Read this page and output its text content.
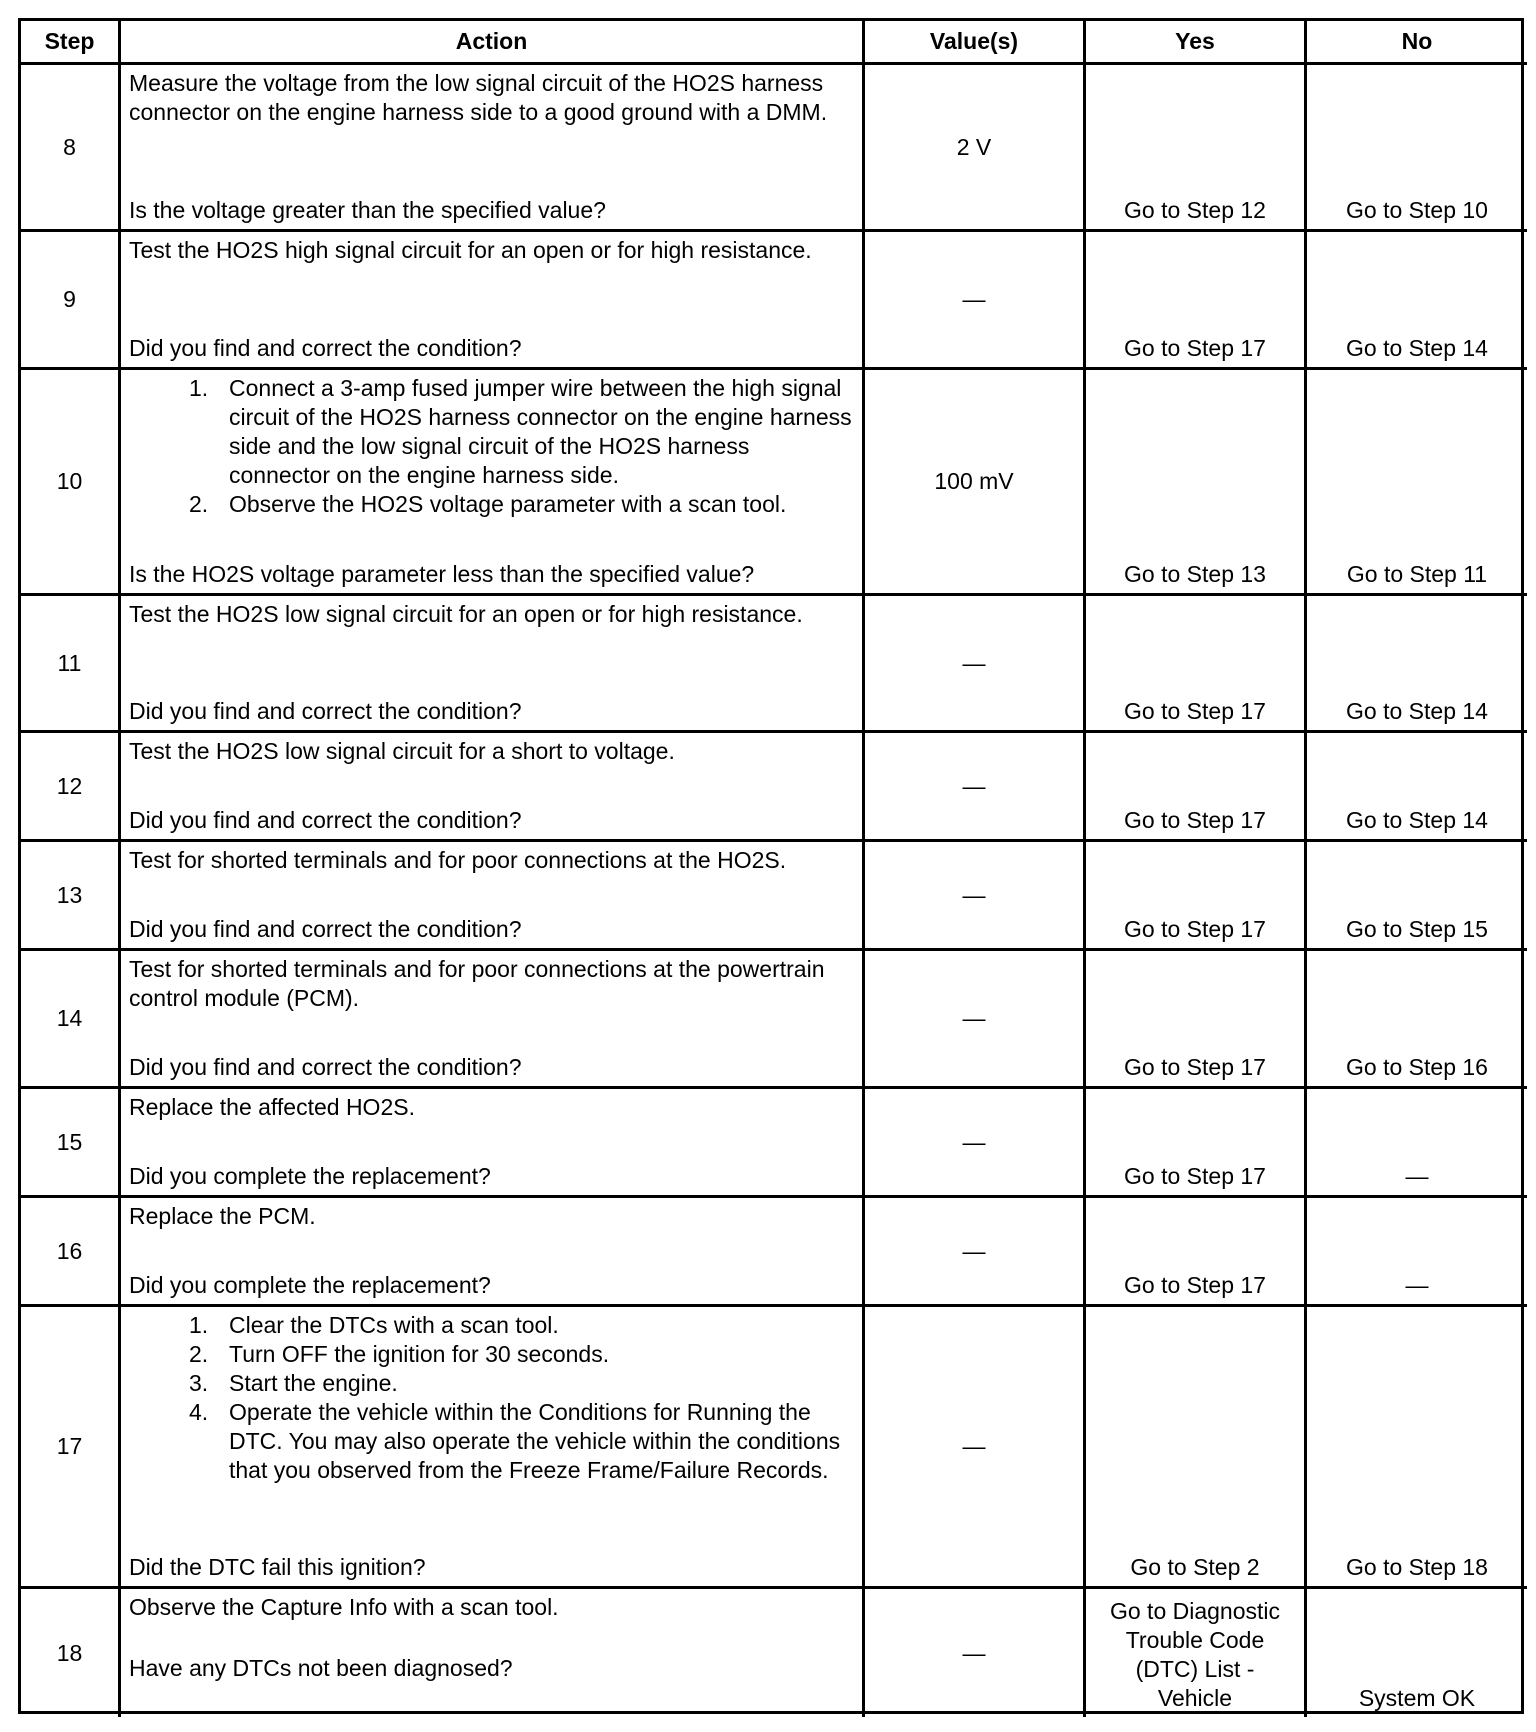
Step	Action	Value(s)	Yes	No
8
Measure the voltage from the low signal circuit of the HO2S harness connector on the engine harness side to a good ground with a DMM.
Is the voltage greater than the specified value?
2 V
Go to Step 12	Go to Step 10
9
Test the HO2S high signal circuit for an open or for high resistance.
Did you find and correct the condition?
—
Go to Step 17	Go to Step 14
10
1. Connect a 3-amp fused jumper wire between the high signal circuit of the HO2S harness connector on the engine harness side and the low signal circuit of the HO2S harness connector on the engine harness side.
2. Observe the HO2S voltage parameter with a scan tool.
Is the HO2S voltage parameter less than the specified value?
100 mV
Go to Step 13	Go to Step 11
11
Test the HO2S low signal circuit for an open or for high resistance.
Did you find and correct the condition?
—
Go to Step 17	Go to Step 14
12
Test the HO2S low signal circuit for a short to voltage.
Did you find and correct the condition?
—
Go to Step 17	Go to Step 14
13
Test for shorted terminals and for poor connections at the HO2S.
Did you find and correct the condition?
—
Go to Step 17	Go to Step 15
14
Test for shorted terminals and for poor connections at the powertrain control module (PCM).
Did you find and correct the condition?
—
Go to Step 17	Go to Step 16
15
Replace the affected HO2S.
Did you complete the replacement?
—
Go to Step 17	—
16
Replace the PCM.
Did you complete the replacement?
—
Go to Step 17	—
17
1. Clear the DTCs with a scan tool.
2. Turn OFF the ignition for 30 seconds.
3. Start the engine.
4. Operate the vehicle within the Conditions for Running the DTC. You may also operate the vehicle within the conditions that you observed from the Freeze Frame/Failure Records.
Did the DTC fail this ignition?
—
Go to Step 2	Go to Step 18
18
Observe the Capture Info with a scan tool.
Have any DTCs not been diagnosed?
—
Go to Diagnostic Trouble Code (DTC) List - Vehicle	System OK
